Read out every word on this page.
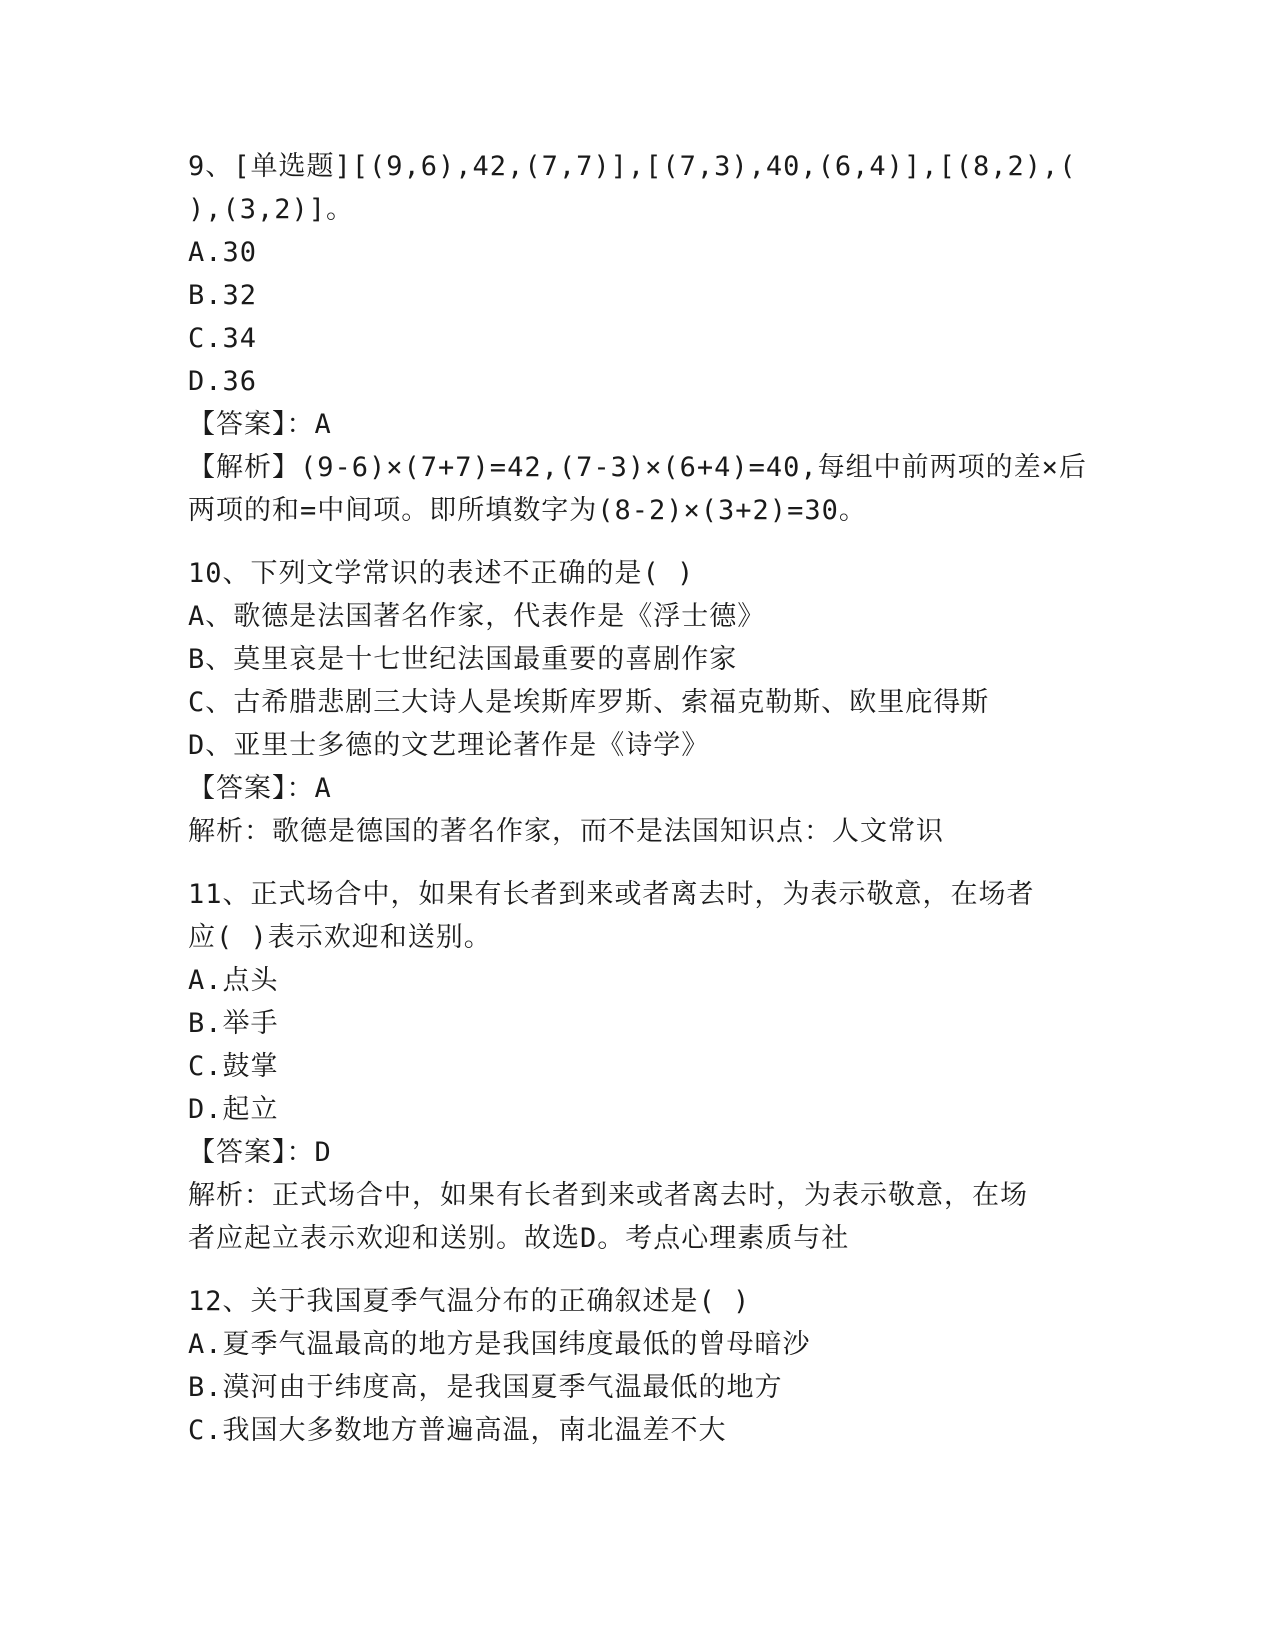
9、[单选题][(9,6),42,(7,7)],[(7,3),40,(6,4)],[(8,2),(
),(3,2)]。
A.30
B.32
C.34
D.36
【答案】：A
【解析】(9-6)×(7+7)=42,(7-3)×(6+4)=40,每组中前两项的差×后
两项的和=中间项。即所填数字为(8-2)×(3+2)=30。
10、下列文学常识的表述不正确的是( )
A、歌德是法国著名作家，代表作是《浮士德》
B、莫里哀是十七世纪法国最重要的喜剧作家
C、古希腊悲剧三大诗人是埃斯库罗斯、索福克勒斯、欧里庇得斯
D、亚里士多德的文艺理论著作是《诗学》
【答案】：A
解析：歌德是德国的著名作家，而不是法国知识点：人文常识
11、正式场合中，如果有长者到来或者离去时，为表示敬意，在场者
应( )表示欢迎和送别。
A.点头
B.举手
C.鼓掌
D.起立
【答案】：D
解析：正式场合中，如果有长者到来或者离去时，为表示敬意，在场
者应起立表示欢迎和送别。故选D。考点心理素质与社
12、关于我国夏季气温分布的正确叙述是( )
A.夏季气温最高的地方是我国纬度最低的曾母暗沙
B.漠河由于纬度高，是我国夏季气温最低的地方
C.我国大多数地方普遍高温，南北温差不大
